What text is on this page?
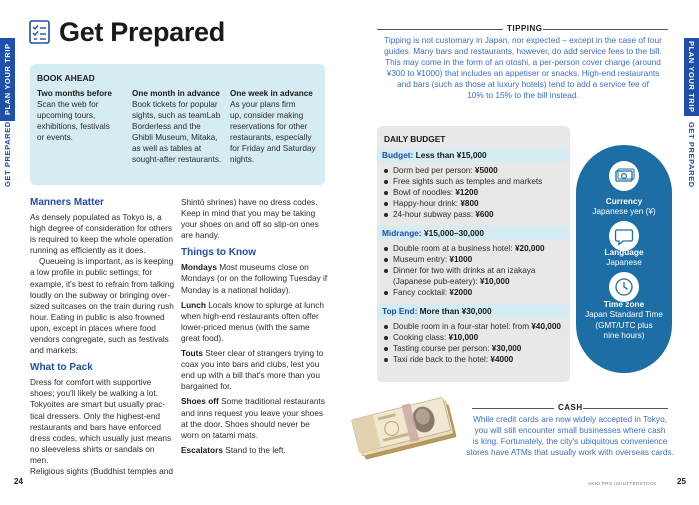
PLAN YOUR TRIP
GET PREPARED
PLAN YOUR TRIP
GET PREPARED
Get Prepared
BOOK AHEAD
Two months before
Scan the web for
upcoming tours,
exhibitions, festivals
or events.
One month in advance
Book tickets for popular
sights, such as teamLab
Borderless and the
Ghibli Museum, Mitaka,
as well as tables at
sought-after restaurants.
One week in advance
As your plans firm
up, consider making
reservations for other
restaurants, especially
for Friday and Saturday
nights.
Manners Matter

As densely populated as Tokyo is, a

high degree of consideration for others

is required to keep the whole operation

running as efficiently as it does.

Queueing is important, as is keeping

a low profile in public settings; for

example, it's best to refrain from talking

loudly on the subway or bringing over-

sized suitcases on the train during rush

hour. Eating in public is also frowned

upon, except in places where food

vendors congregate, such as festivals

and markets.

What to Pack

Dress for comfort with supportive

shoes; you'll likely be walking a lot.

Tokyoites are smart but usually prac-

tical dressers. Only the highest-end

restaurants and bars have enforced

dress codes, which usually just means

no sleeveless shirts or sandals on men.

Religious sights (Buddhist temples and

Shintō shrines) have no dress codes.

Keep in mind that you may be taking

your shoes on and off so slip-on ones

are handy.

Things to Know

Mondays Most museums close on

Mondays (or on the following Tuesday if

Monday is a national holiday).

Lunch Locals know to splurge at lunch

when high-end restaurants often offer

lower-priced menus (with the same

great food).

Touts Steer clear of strangers trying to

coax you into bars and clubs, lest you

end up with a bill that's more than you

bargained for.

Shoes off Some traditional restaurants

and inns request you leave your shoes

at the door. Shoes should never be

worn on tatami mats.

Escalators Stand to the left.

TIPPING
Tipping is not customary in Japan, nor expected – except in the case of tour
guides. Many bars and restaurants, however, do add service fees to the bill.
This may come in the form of an otoshi, a per-person cover charge (around
¥300 to ¥1000) that includes an appetiser or snacks. High-end restaurants
and bars (such as those at luxury hotels) tend to add a service fee of
10% to 15% to the bill instead.
DAILY BUDGET
Budget: Less than ¥15,000
Dorm bed per person: ¥5000
Free sights such as temples and markets
Bowl of noodles: ¥1200
Happy-hour drink: ¥800
24-hour subway pass: ¥600
Midrange: ¥15,000–30,000
Double room at a business hotel: ¥20,000
Museum entry: ¥1000
Dinner for two with drinks at an izakaya (Japanese pub-eatery): ¥10,000
Fancy cocktail: ¥2000
Top End: More than ¥30,000
Double room in a four-star hotel: from ¥40,000
Cooking class: ¥10,000
Tasting course per person: ¥30,000
Taxi ride back to the hotel: ¥4000
Currency
Japanese yen (¥)
Language
Japanese
Time zone
Japan Standard Time
(GMT/UTC plus
nine hours)
CASH
While credit cards are now widely accepted in Tokyo,
you will still encounter small businesses where cash
is king. Fortunately, the city's ubiquitous convenience
stores have ATMs that usually work with overseas cards.
24	AKIO PRO /SHUTTERSTOCK	25
